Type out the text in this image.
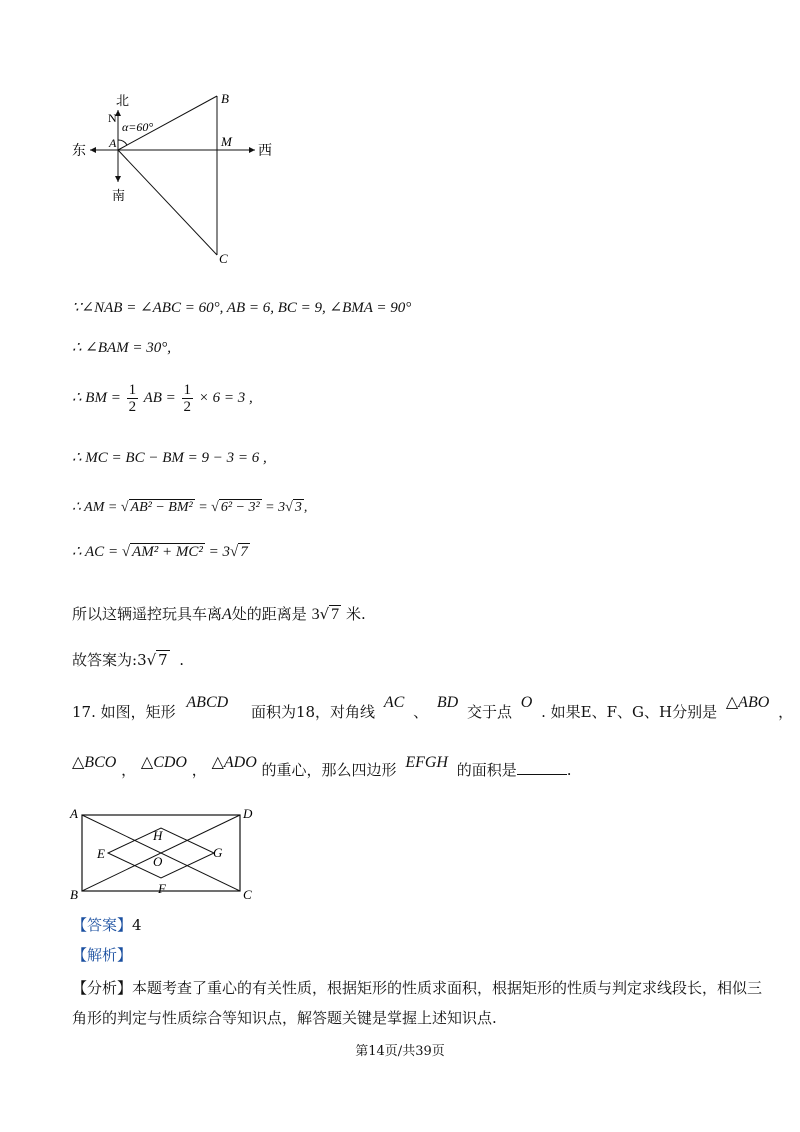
北
N
α=60°
A
B
M
C
东	西
南
∵∠NAB = ∠ABC = 60°, AB = 6, BC = 9, ∠BMA = 90°
∴ ∠BAM = 30°,
∴ BM = $\frac{1}{2}$ AB = $\frac{1}{2} \times 6 = 3$ ,
∴ MC = BC − BM = 9 − 3 = 6 ,
∴ AM = √ AB² − BM² = √ 6² − 3² = 3√ 3 ,
∴ AC = √ AM² + MC² = 3√ 7
所以这辆遥控玩具车离A处的距离是 3√ 7 米.
故答案为:3√ 7 .
17. 如图，矩形 ABCD 面积为18，对角线 AC 、 BD 交于点 O . 如果E、F、G、H分别是 △ABO ，
△BCO ， △CDO ， △ADO 的重心，那么四边形 EFGH 的面积是	.
A	D
B	C
E	G
H
O
F
【答案】4
【解析】
【分析】本题考查了重心的有关性质，根据矩形的性质求面积，根据矩形的性质与判定求线段长，相似三
角形的判定与性质综合等知识点，解答题关键是掌握上述知识点.
第14页/共39页
